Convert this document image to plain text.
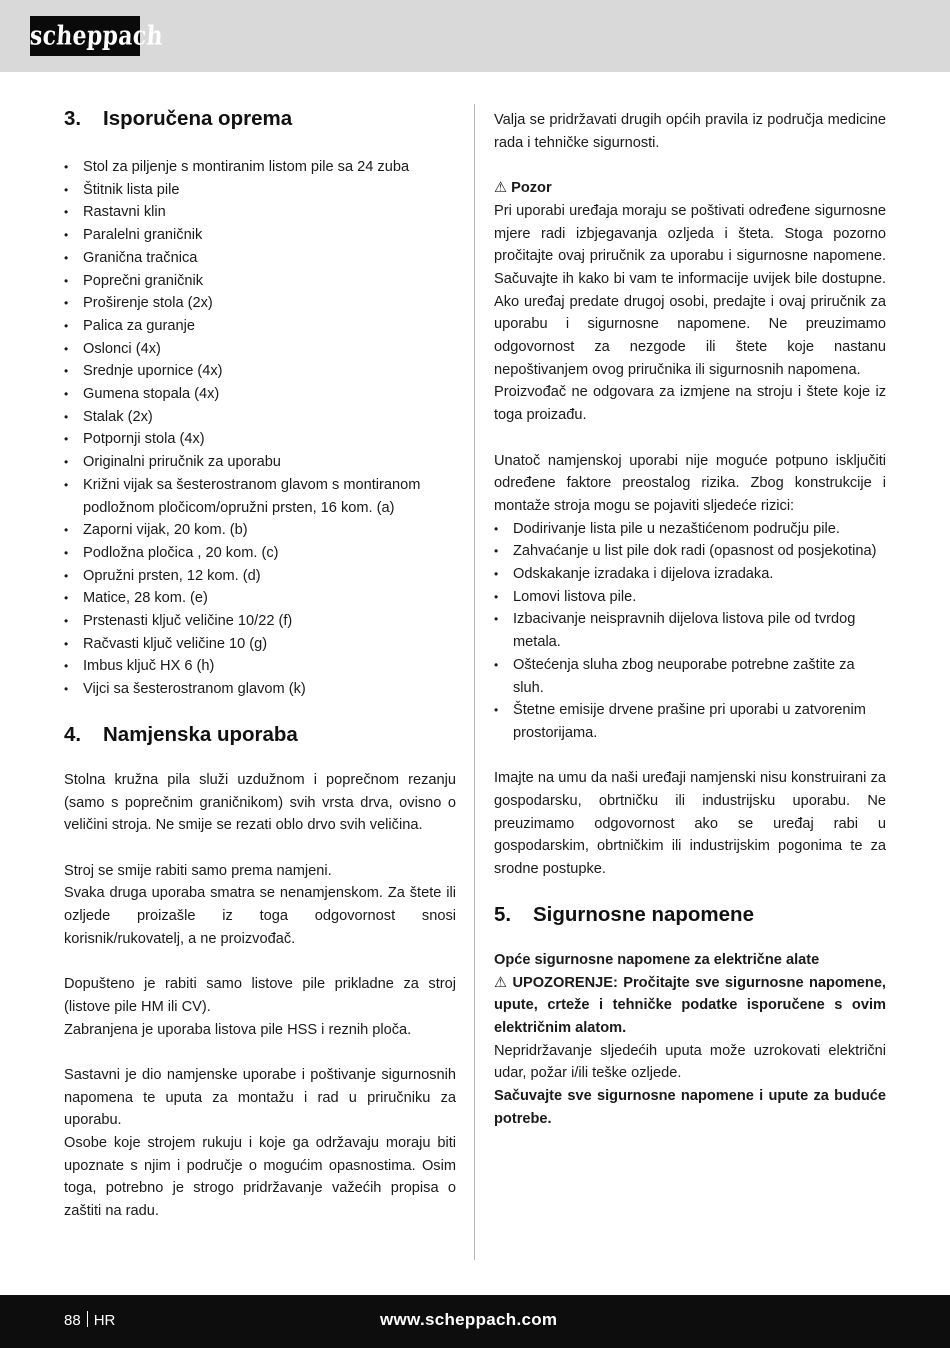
scheppach
3.	Isporučena oprema
• Stol za piljenje s montiranim listom pile sa 24 zuba
• Štitnik lista pile
• Rastavni klin
• Paralelni graničnik
• Granična tračnica
• Poprečni graničnik
• Proširenje stola (2x)
• Palica za guranje
• Oslonci (4x)
• Srednje upornice (4x)
• Gumena stopala (4x)
• Stalak (2x)
• Potpornji stola (4x)
• Originalni priručnik za uporabu
• Križni vijak sa šesterostranom glavom s montiranom podložnom pločicom/opružni prsten, 16 kom. (a)
• Zaporni vijak, 20 kom. (b)
• Podložna pločica , 20 kom. (c)
• Opružni prsten, 12 kom. (d)
• Matice, 28 kom. (e)
• Prstenasti ključ veličine 10/22 (f)
• Račvasti ključ veličine 10 (g)
• Imbus ključ HX 6 (h)
• Vijci sa šesterostranom glavom (k)
4.	Namjenska uporaba

Stolna kružna pila služi uzdužnom i poprečnom rezanju (samo s poprečnim graničnikom) svih vrsta drva, ovisno o veličini stroja. Ne smije se rezati oblo drvo svih veličina.

Stroj se smije rabiti samo prema namjeni.

Svaka druga uporaba smatra se nenamjenskom. Za štete ili ozljede proizašle iz toga odgovornost snosi korisnik/rukovatelj, a ne proizvođač.

Dopušteno je rabiti samo listove pile prikladne za stroj (listove pile HM ili CV).

Zabranjena je uporaba listova pile HSS i reznih ploča.

Sastavni je dio namjenske uporabe i poštivanje sigurnosnih napomena te uputa za montažu i rad u priručniku za uporabu.

Osobe koje strojem rukuju i koje ga održavaju moraju biti upoznate s njim i područje o mogućim opasnostima. Osim toga, potrebno je strogo pridržavanje važećih propisa o zaštiti na radu.

Valja se pridržavati drugih općih pravila iz područja medicine rada i tehničke sigurnosti.

⚠ Pozor

Pri uporabi uređaja moraju se poštivati određene sigurnosne mjere radi izbjegavanja ozljeda i šteta. Stoga pozorno pročitajte ovaj priručnik za uporabu i sigurnosne napomene. Sačuvajte ih kako bi vam te informacije uvijek bile dostupne. Ako uređaj predate drugoj osobi, predajte i ovaj priručnik za uporabu i sigurnosne napomene. Ne preuzimamo odgovornost za nezgode ili štete koje nastanu nepoštivanjem ovog priručnika ili sigurnosnih napomena.

Proizvođač ne odgovara za izmjene na stroju i štete koje iz toga proizađu.

Unatoč namjenskoj uporabi nije moguće potpuno isključiti određene faktore preostalog rizika. Zbog konstrukcije i montaže stroja mogu se pojaviti sljedeće rizici:

• Dodirivanje lista pile u nezaštićenom području pile.
• Zahvaćanje u list pile dok radi (opasnost od posjekotina)
• Odskakanje izradaka i dijelova izradaka.
• Lomovi listova pile.
• Izbacivanje neispravnih dijelova listova pile od tvrdog metala.
• Oštećenja sluha zbog neuporabe potrebne zaštite za sluh.
• Štetne emisije drvene prašine pri uporabi u zatvorenim prostorijama.

Imajte na umu da naši uređaji namjenski nisu konstruirani za gospodarsku, obrtničku ili industrijsku uporabu. Ne preuzimamo odgovornost ako se uređaj rabi u gospodarskim, obrtničkim ili industrijskim pogonima te za srodne postupke.

5.	Sigurnosne napomene

Opće sigurnosne napomene za električne alate

⚠ UPOZORENJE: Pročitajte sve sigurnosne napomene, upute, crteže i tehničke podatke isporučene s ovim električnim alatom.

Nepridržavanje sljedećih uputa može uzrokovati električni udar, požar i/ili teške ozljede.

Sačuvajte sve sigurnosne napomene i upute za buduće potrebe.

88 HR	www.scheppach.com
